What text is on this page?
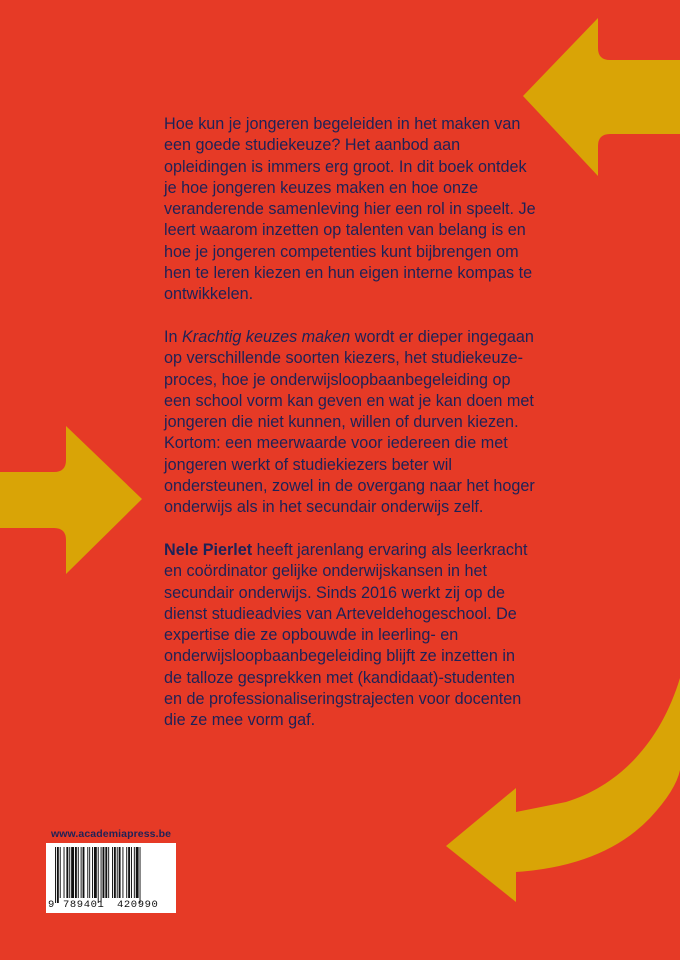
Hoe kun je jongeren begeleiden in het maken van een goede studiekeuze? Het aanbod aan opleidingen is immers erg groot. In dit boek ontdek je hoe jongeren keuzes maken en hoe onze veranderende samenleving hier een rol in speelt. Je leert waarom inzetten op talenten van belang is en hoe je jongeren competenties kunt bijbrengen om hen te leren kiezen en hun eigen interne kompas te ontwikkelen.

In Krachtig keuzes maken wordt er dieper ingegaan op verschillende soorten kiezers, het studiekeuzeproces, hoe je onderwijsloopbaanbegeleiding op een school vorm kan geven en wat je kan doen met jongeren die niet kunnen, willen of durven kiezen. Kortom: een meerwaarde voor iedereen die met jongeren werkt of studiekiezers beter wil ondersteunen, zowel in de overgang naar het hoger onderwijs als in het secundair onderwijs zelf.

Nele Pierlet heeft jarenlang ervaring als leerkracht en coördinator gelijke onderwijskansen in het secundair onderwijs. Sinds 2016 werkt zij op de dienst studieadvies van Arteveldehogeschool. De expertise die ze opbouwde in leerling- en onderwijsloopbaanbegeleiding blijft ze inzetten in de talloze gesprekken met (kandidaat)-studenten en de professionaliseringstrajecten voor docenten die ze mee vorm gaf.

www.academiapress.be
9 789401 420990
